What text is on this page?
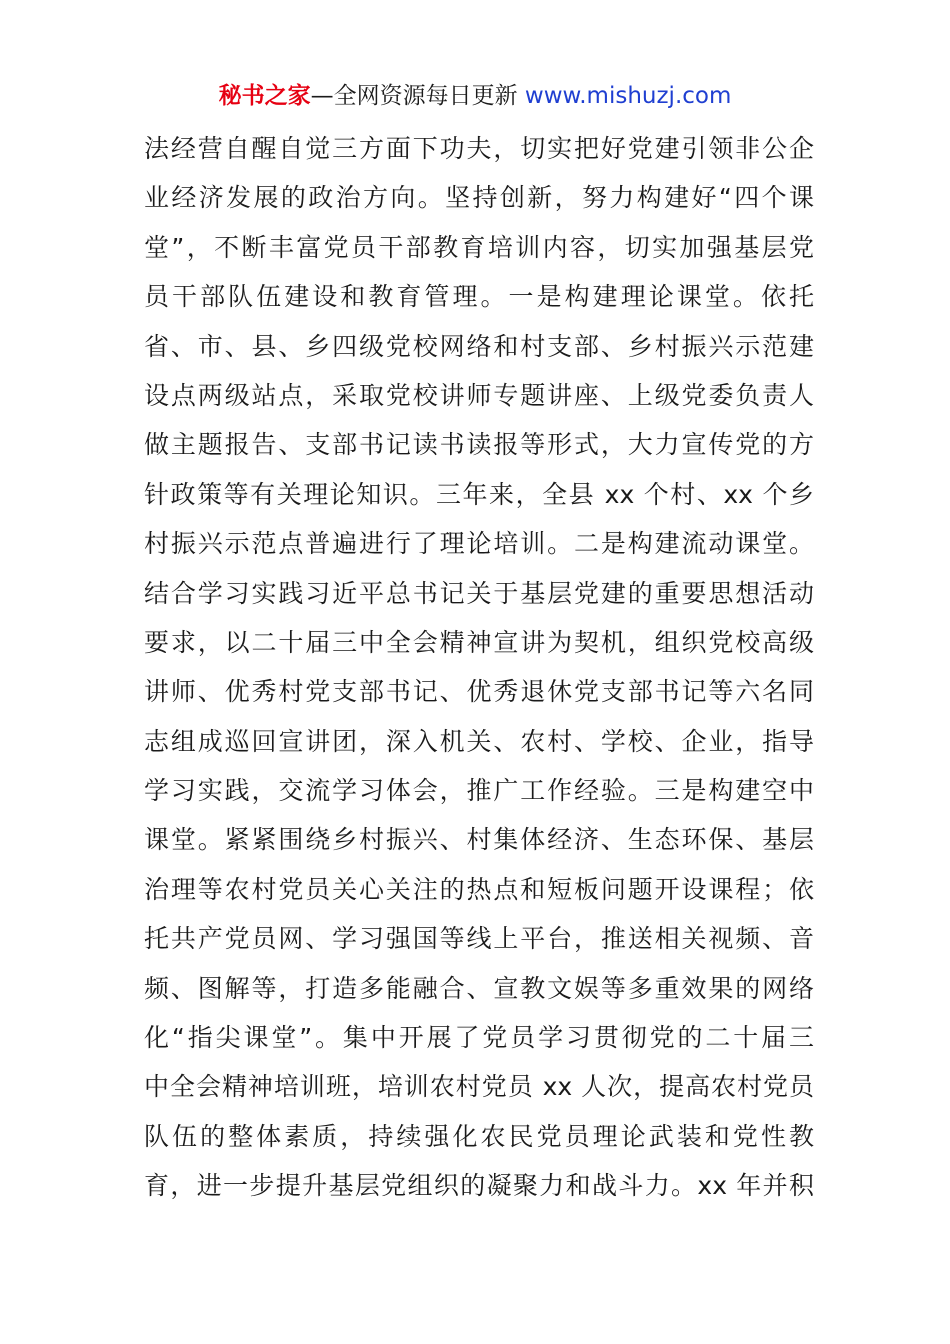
秘书之家—全网资源每日更新 www.mishuzj.com
法经营自醒自觉三方面下功夫，切实把好党建引领非公企
业经济发展的政治方向。坚持创新，努力构建好“四个课
堂”，不断丰富党员干部教育培训内容，切实加强基层党
员干部队伍建设和教育管理。一是构建理论课堂。依托
省、市、县、乡四级党校网络和村支部、乡村振兴示范建
设点两级站点，采取党校讲师专题讲座、上级党委负责人
做主题报告、支部书记读书读报等形式，大力宣传党的方
针政策等有关理论知识。三年来，全县 xx 个村、xx 个乡
村振兴示范点普遍进行了理论培训。二是构建流动课堂。
结合学习实践习近平总书记关于基层党建的重要思想活动
要求，以二十届三中全会精神宣讲为契机，组织党校高级
讲师、优秀村党支部书记、优秀退休党支部书记等六名同
志组成巡回宣讲团，深入机关、农村、学校、企业，指导
学习实践，交流学习体会，推广工作经验。三是构建空中
课堂。紧紧围绕乡村振兴、村集体经济、生态环保、基层
治理等农村党员关心关注的热点和短板问题开设课程；依
托共产党员网、学习强国等线上平台，推送相关视频、音
频、图解等，打造多能融合、宣教文娱等多重效果的网络
化“指尖课堂”。集中开展了党员学习贯彻党的二十届三
中全会精神培训班，培训农村党员 xx 人次，提高农村党员
队伍的整体素质，持续强化农民党员理论武装和党性教
育，进一步提升基层党组织的凝聚力和战斗力。xx 年并积
